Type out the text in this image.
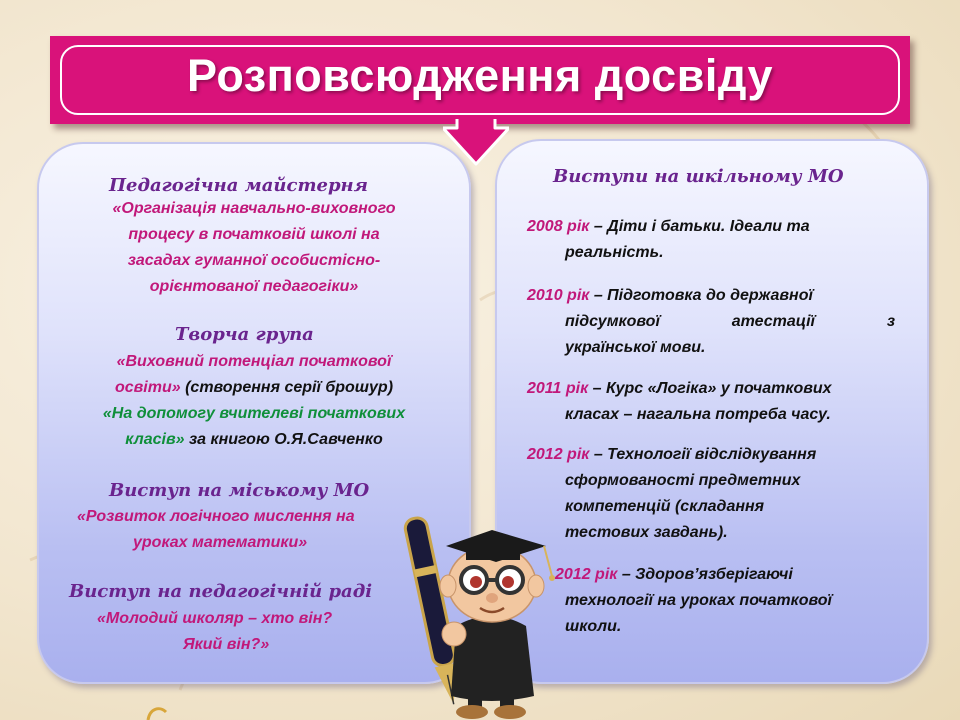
Розповсюдження досвіду
Педагогічна майстерня
«Організація навчально-виховного
процесу в початковій школі на
засадах гуманної особистісно-
орієнтованої педагогіки»
Творча група
«Виховний потенціал початкової
освіти» (створення серії брошур)
«На допомогу вчителеві початкових
класів» за книгою О.Я.Савченко
Виступ на міському МО
«Розвиток логічного мислення на
уроках математики»
Виступ на педагогічній раді
«Молодий школяр – хто він?
Який він?»
Виступи на шкільному МО
2008 рік – Діти і батьки. Ідеали та
реальність.
2010 рік – Підготовка до державної
підсумкової	атестації	з
української мови.
2011 рік – Курс «Логіка» у початкових
класах – нагальна потреба часу.
2012 рік – Технології відслідкування
сформованості предметних
компетенцій (складання
тестових завдань).
2012 рік – Здоров’язберігаючі
технології на уроках початкової
школи.
